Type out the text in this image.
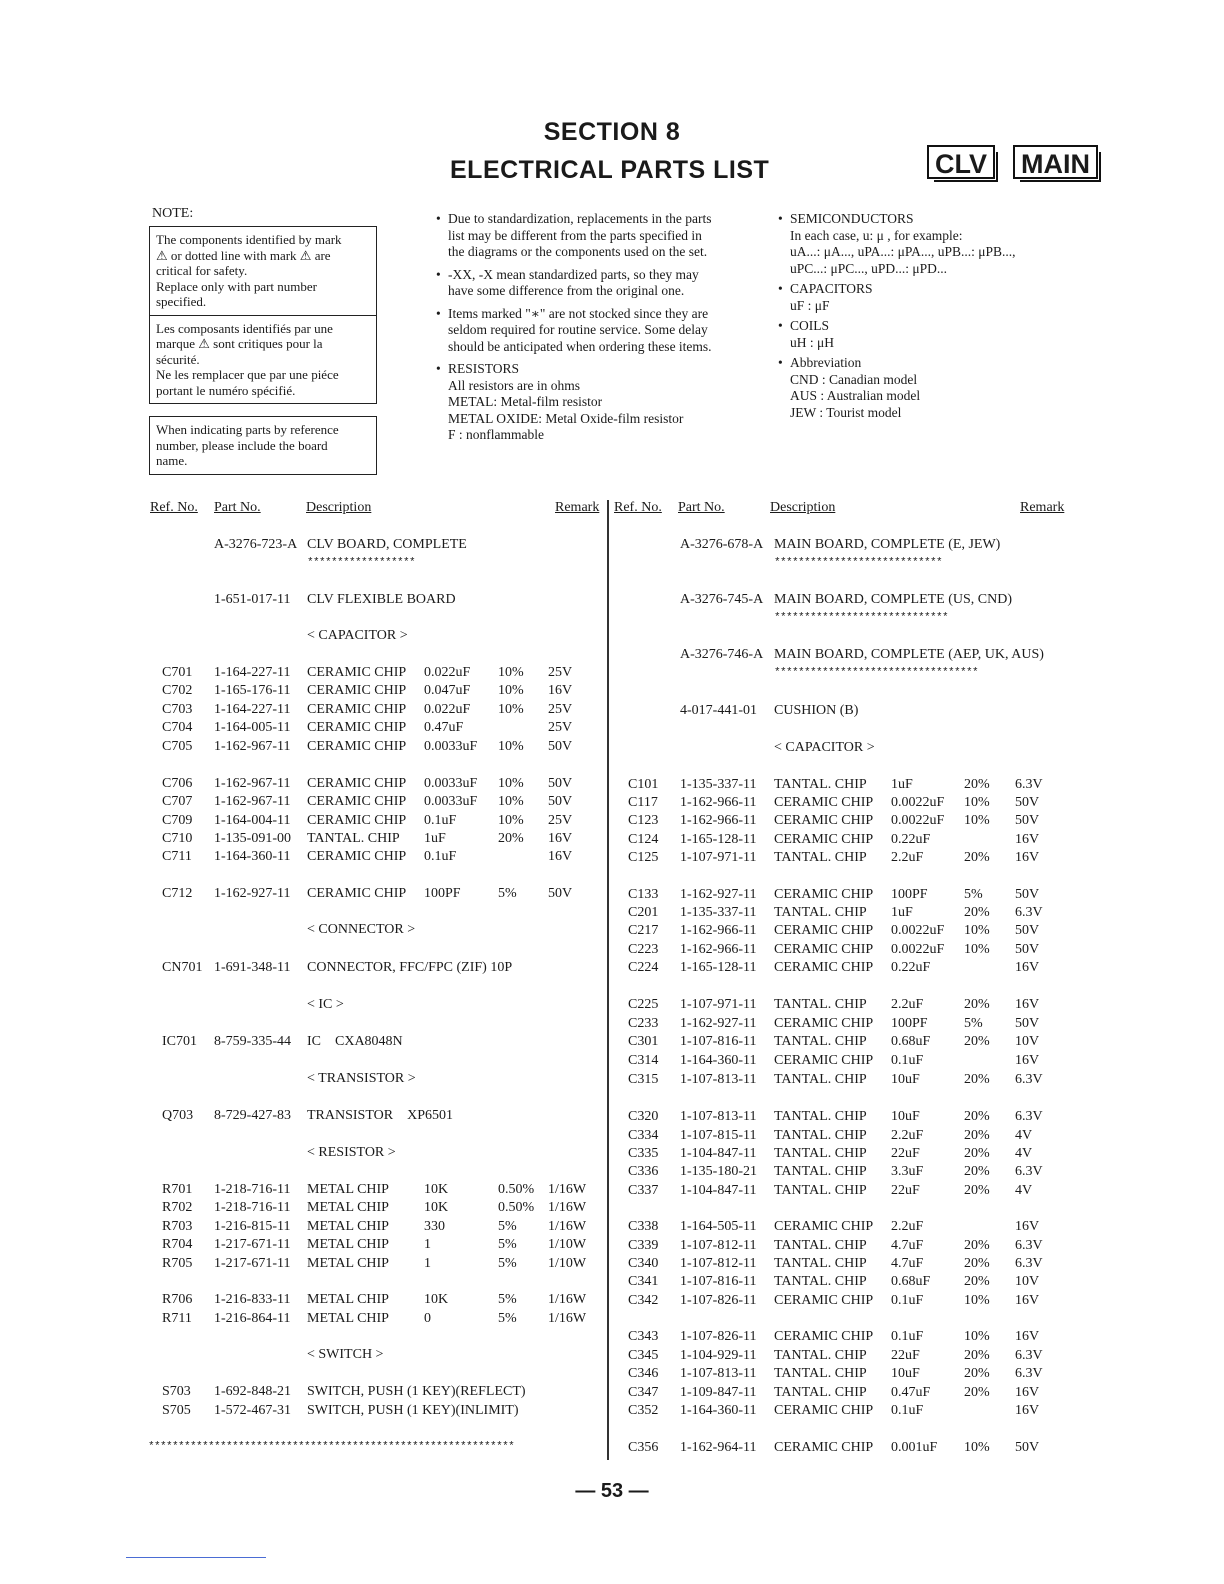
SECTION 8
ELECTRICAL PARTS LIST	CLV MAIN
NOTE:
The components identified by mark
⚠ or dotted line with mark ⚠ are
critical for safety.
Replace only with part number
specified.
Les composants identifiés par une
marque ⚠ sont critiques pour la
sécurité.
Ne les remplacer que par une piéce
portant le numéro spécifié.
When indicating parts by reference
number, please include the board
name.
• Due to standardization, replacements in the parts
list may be different from the parts specified in
the diagrams or the components used on the set.
• -XX, -X mean standardized parts, so they may
have some difference from the original one.
• Items marked "∗" are not stocked since they are
seldom required for routine service. Some delay
should be anticipated when ordering these items.
• RESISTORS
All resistors are in ohms
METAL: Metal-film resistor
METAL OXIDE: Metal Oxide-film resistor
F : nonflammable
• SEMICONDUCTORS
In each case, u: μ , for example:
uA...: μA..., uPA...: μPA..., uPB...: μPB...,
uPC...: μPC..., uPD...: μPD...
• CAPACITORS
uF : μF
• COILS
uH : μH
• Abbreviation
CND : Canadian model
AUS : Australian model
JEW : Tourist model
Ref. No. Part No.	Description	Remark Ref. No. Part No.	Description	Remark
A-3276-723-A CLV BOARD, COMPLETE
******************
1-651-017-11 CLV FLEXIBLE BOARD
< CAPACITOR >
C701 1-164-227-11 CERAMIC CHIP 0.022uF 10% 25V
C702 1-165-176-11 CERAMIC CHIP 0.047uF 10% 16V
C703 1-164-227-11 CERAMIC CHIP 0.022uF 10% 25V
C704 1-164-005-11 CERAMIC CHIP 0.47uF	25V
C705 1-162-967-11 CERAMIC CHIP 0.0033uF 10% 50V
C706 1-162-967-11 CERAMIC CHIP 0.0033uF 10% 50V
C707 1-162-967-11 CERAMIC CHIP 0.0033uF 10% 50V
C709 1-164-004-11 CERAMIC CHIP 0.1uF	10% 25V
C710 1-135-091-00 TANTAL. CHIP 1uF	20% 16V
C711 1-164-360-11 CERAMIC CHIP 0.1uF	16V
C712 1-162-927-11 CERAMIC CHIP 100PF	5% 50V
< CONNECTOR >
CN701 1-691-348-11 CONNECTOR, FFC/FPC (ZIF) 10P
< IC >
IC701 8-759-335-44 IC    CXA8048N
< TRANSISTOR >
Q703 8-729-427-83 TRANSISTOR    XP6501
< RESISTOR >
R701 1-218-716-11 METAL CHIP	10K	0.50% 1/16W
R702 1-218-716-11 METAL CHIP	10K	0.50% 1/16W
R703 1-216-815-11 METAL CHIP	330	5% 1/16W
R704 1-217-671-11 METAL CHIP	1	5% 1/10W
R705 1-217-671-11 METAL CHIP	1	5% 1/10W
R706 1-216-833-11 METAL CHIP	10K	5% 1/16W
R711 1-216-864-11 METAL CHIP	0	5% 1/16W
< SWITCH >
S703 1-692-848-21 SWITCH, PUSH (1 KEY)(REFLECT)
S705 1-572-467-31 SWITCH, PUSH (1 KEY)(INLIMIT)
A-3276-678-A MAIN BOARD, COMPLETE (E, JEW)
****************************
A-3276-745-A MAIN BOARD, COMPLETE (US, CND)
*****************************
A-3276-746-A MAIN BOARD, COMPLETE (AEP, UK, AUS)
**********************************
4-017-441-01 CUSHION (B)
< CAPACITOR >
C101 1-135-337-11 TANTAL. CHIP 1uF	20% 6.3V
C117 1-162-966-11 CERAMIC CHIP 0.0022uF 10% 50V
C123 1-162-966-11 CERAMIC CHIP 0.0022uF 10% 50V
C124 1-165-128-11 CERAMIC CHIP 0.22uF	16V
C125 1-107-971-11 TANTAL. CHIP 2.2uF	20% 16V
C133 1-162-927-11 CERAMIC CHIP 100PF	5% 50V
C201 1-135-337-11 TANTAL. CHIP 1uF	20% 6.3V
C217 1-162-966-11 CERAMIC CHIP 0.0022uF 10% 50V
C223 1-162-966-11 CERAMIC CHIP 0.0022uF 10% 50V
C224 1-165-128-11 CERAMIC CHIP 0.22uF	16V
C225 1-107-971-11 TANTAL. CHIP 2.2uF	20% 16V
C233 1-162-927-11 CERAMIC CHIP 100PF	5% 50V
C301 1-107-816-11 TANTAL. CHIP 0.68uF 20% 10V
C314 1-164-360-11 CERAMIC CHIP 0.1uF	16V
C315 1-107-813-11 TANTAL. CHIP 10uF	20% 6.3V
C320 1-107-813-11 TANTAL. CHIP 10uF	20% 6.3V
C334 1-107-815-11 TANTAL. CHIP 2.2uF	20% 4V
C335 1-104-847-11 TANTAL. CHIP 22uF	20% 4V
C336 1-135-180-21 TANTAL. CHIP 3.3uF	20% 6.3V
C337 1-104-847-11 TANTAL. CHIP 22uF	20% 4V
C338 1-164-505-11 CERAMIC CHIP 2.2uF	16V
C339 1-107-812-11 TANTAL. CHIP 4.7uF	20% 6.3V
C340 1-107-812-11 TANTAL. CHIP 4.7uF	20% 6.3V
C341 1-107-816-11 TANTAL. CHIP 0.68uF 20% 10V
C342 1-107-826-11 CERAMIC CHIP 0.1uF	10% 16V
C343 1-107-826-11 CERAMIC CHIP 0.1uF	10% 16V
C345 1-104-929-11 TANTAL. CHIP 22uF	20% 6.3V
C346 1-107-813-11 TANTAL. CHIP 10uF	20% 6.3V
C347 1-109-847-11 TANTAL. CHIP 0.47uF 20% 16V
C352 1-164-360-11 CERAMIC CHIP 0.1uF	16V
C356 1-162-964-11 CERAMIC CHIP 0.001uF 10% 50V
*************************************************************
— 53 —
